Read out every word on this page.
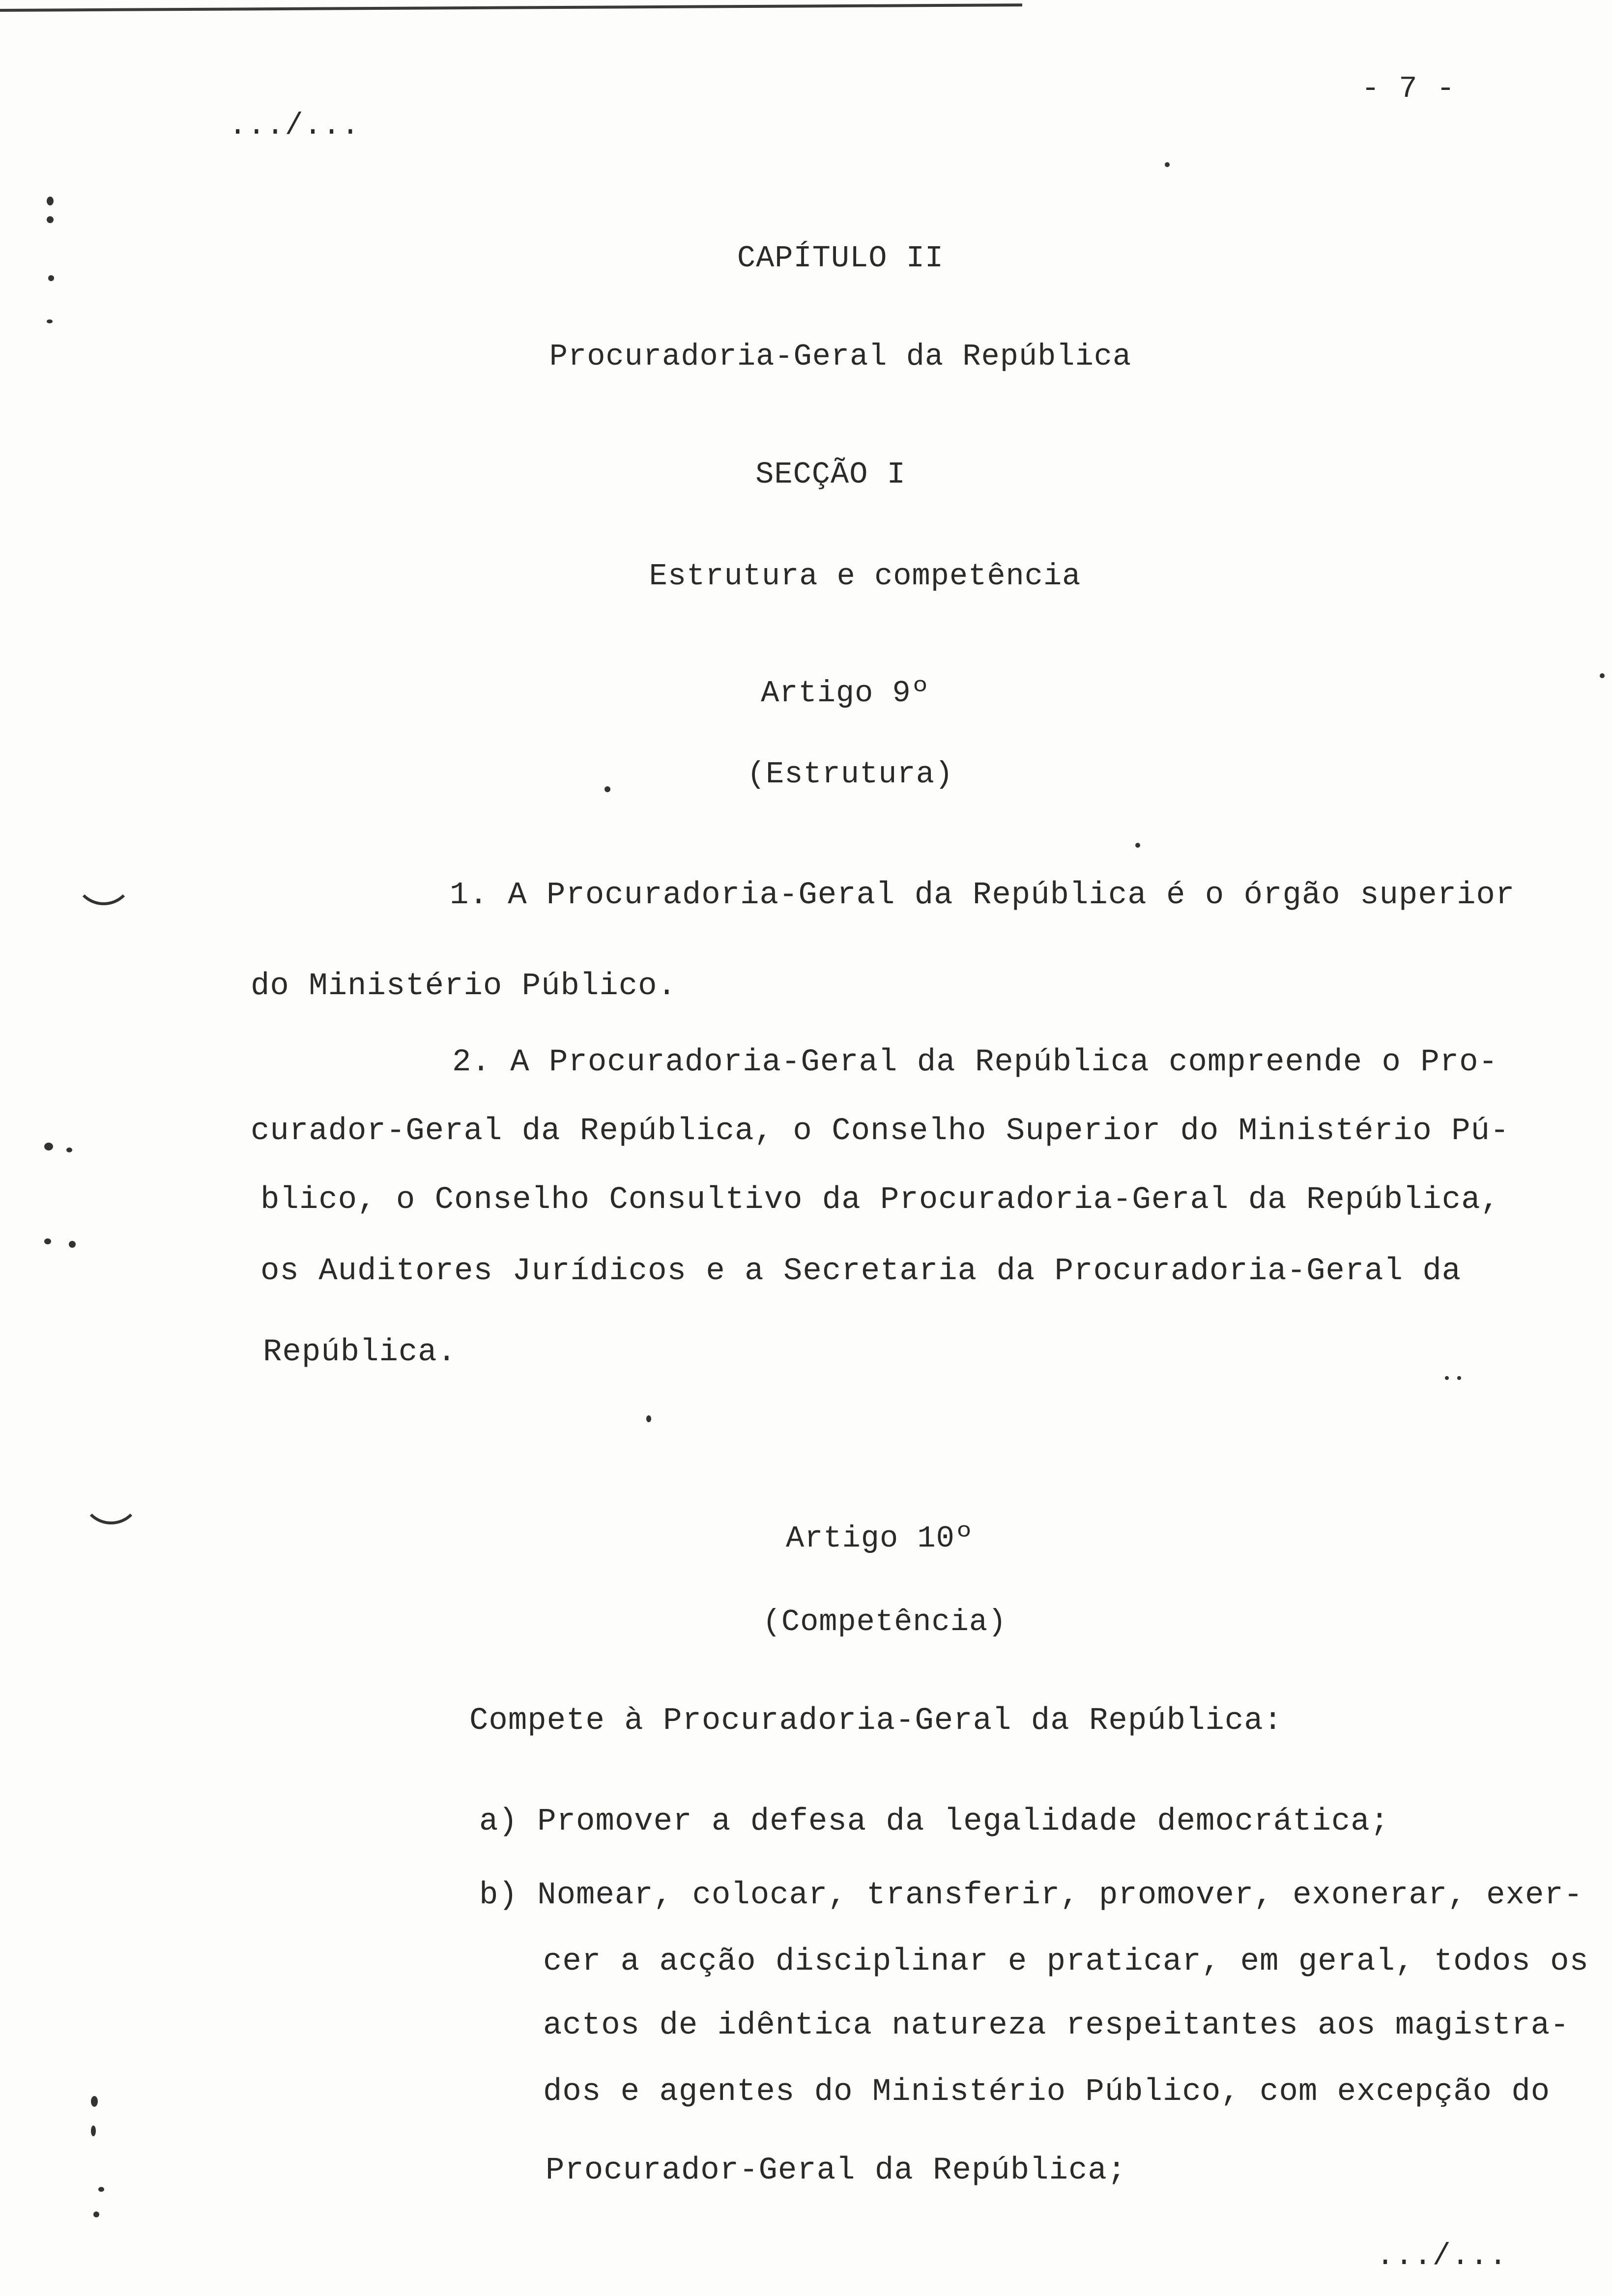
.../...
- 7 -
CAPÍTULO II
Procuradoria-Geral da República
SECÇÃO I
Estrutura e competência
Artigo 9º
(Estrutura)
1. A Procuradoria-Geral da República é o órgão superior
do Ministério Público.
2. A Procuradoria-Geral da República compreende o Pro-
curador-Geral da República, o Conselho Superior do Ministério Pú-
blico, o Conselho Consultivo da Procuradoria-Geral da República,
os Auditores Jurídicos e a Secretaria da Procuradoria-Geral da
República.
Artigo 10º
(Competência)
Compete à Procuradoria-Geral da República:
a) Promover a defesa da legalidade democrática;
b) Nomear, colocar, transferir, promover, exonerar, exer-
cer a acção disciplinar e praticar, em geral, todos os
actos de idêntica natureza respeitantes aos magistra-
dos e agentes do Ministério Público, com excepção do
Procurador-Geral da República;
.../...
